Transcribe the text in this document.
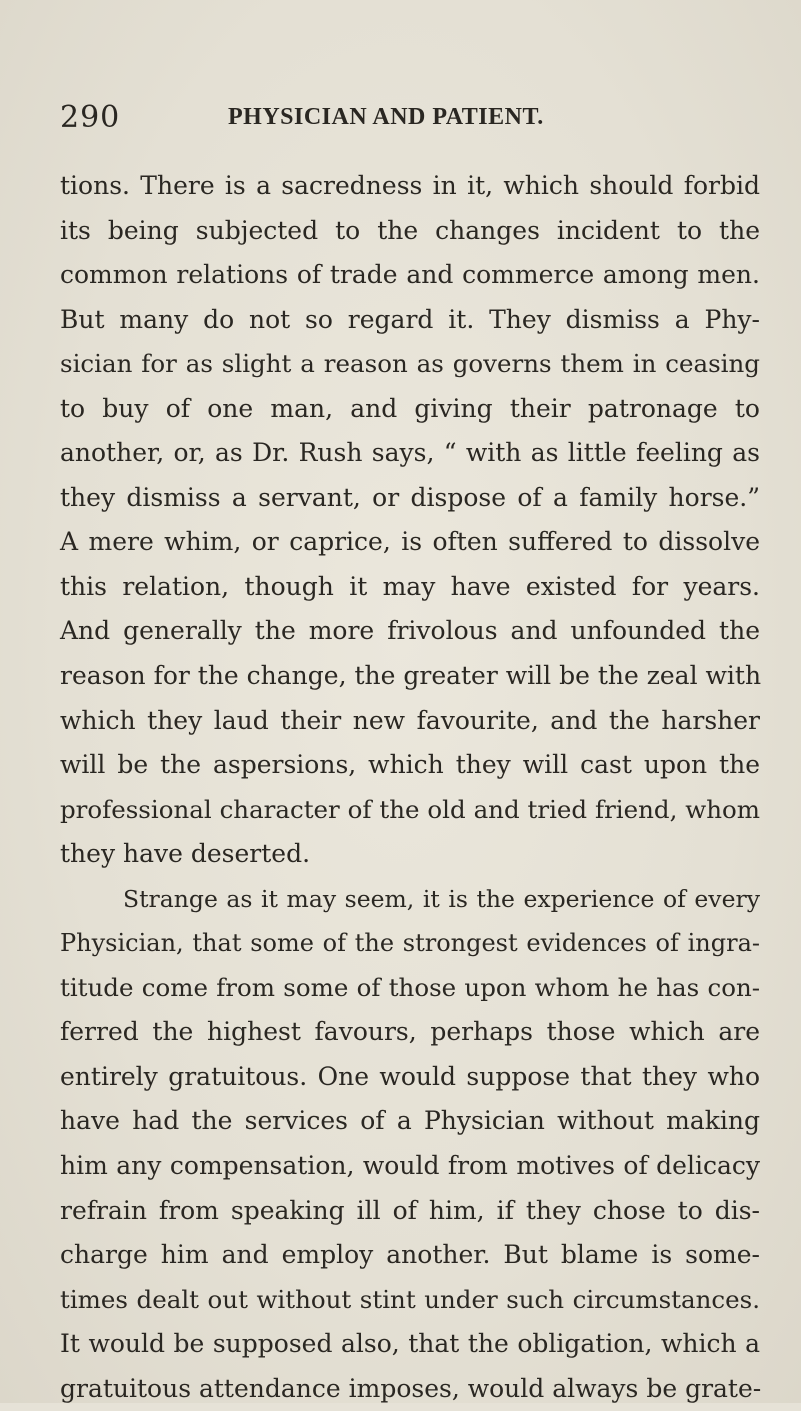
290	PHYSICIAN AND PATIENT.
tions. There is a sacredness in it, which should forbid
its being subjected to the changes incident to the
common relations of trade and commerce among men.
But many do not so regard it. They dismiss a Phy-
sician for as slight a reason as governs them in ceasing
to buy of one man, and giving their patronage to
another, or, as Dr. Rush says, “ with as little feeling as
they dismiss a servant, or dispose of a family horse.”
A mere whim, or caprice, is often suffered to dissolve
this relation, though it may have existed for years.
And generally the more frivolous and unfounded the
reason for the change, the greater will be the zeal with
which they laud their new favourite, and the harsher
will be the aspersions, which they will cast upon the
professional character of the old and tried friend, whom
they have deserted.
Strange as it may seem, it is the experience of every
Physician, that some of the strongest evidences of ingra-
titude come from some of those upon whom he has con-
ferred the highest favours, perhaps those which are
entirely gratuitous. One would suppose that they who
have had the services of a Physician without making
him any compensation, would from motives of delicacy
refrain from speaking ill of him, if they chose to dis-
charge him and employ another. But blame is some-
times dealt out without stint under such circumstances.
It would be supposed also, that the obligation, which a
gratuitous attendance imposes, would always be grate-
